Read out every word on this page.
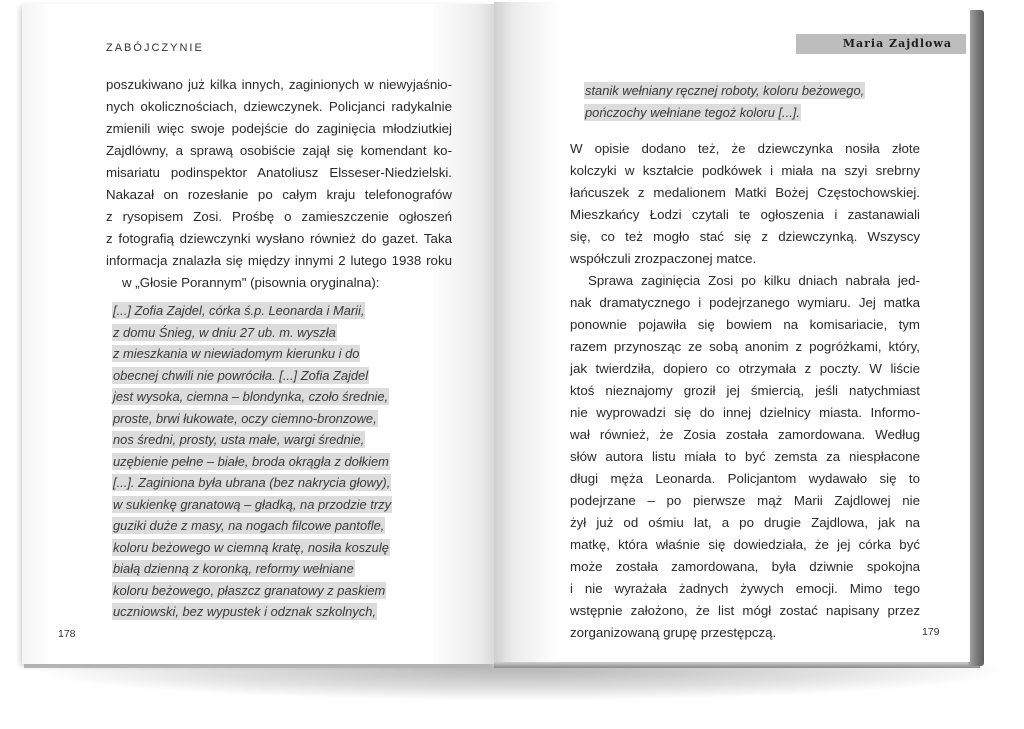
ZABÓJCZYNIE
poszukiwano już kilka innych, zaginionych w niewyjaśnio-
nych okolicznościach, dziewczynek. Policjanci radykalnie
zmienili więc swoje podejście do zaginięcia młodziutkiej
Zajdlówny, a sprawą osobiście zajął się komendant ko-
misariatu podinspektor Anatoliusz Elsseser-Niedzielski.
Nakazał on rozesłanie po całym kraju telefonografów
z rysopisem Zosi. Prośbę o zamieszczenie ogłoszeń
z fotografią dziewczynki wysłano również do gazet. Taka
informacja znalazła się między innymi 2 lutego 1938 roku
w „Głosie Porannym" (pisownia oryginalna):
[...] Zofia Zajdel, córka ś.p. Leonarda i Marii,
z domu Śnieg, w dniu 27 ub. m. wyszła
z mieszkania w niewiadomym kierunku i do
obecnej chwili nie powróciła. [...] Zofia Zajdel
jest wysoka, ciemna – blondynka, czoło średnie,
proste, brwi łukowate, oczy ciemno-bronzowe,
nos średni, prosty, usta małe, wargi średnie,
uzębienie pełne – białe, broda okrągła z dołkiem
[...]. Zaginiona była ubrana (bez nakrycia głowy),
w sukienkę granatową – gładką, na przodzie trzy
guziki duże z masy, na nogach filcowe pantofle,
koloru beżowego w ciemną kratę, nosiła koszulę
białą dzienną z koronką, reformy wełniane
koloru beżowego, płaszcz granatowy z paskiem
uczniowski, bez wypustek i odznak szkolnych,
178
Maria Zajdlowa
stanik wełniany ręcznej roboty, koloru beżowego,
pończochy wełniane tegoż koloru [...].
W opisie dodano też, że dziewczynka nosiła złote
kolczyki w kształcie podkówek i miała na szyi srebrny
łańcuszek z medalionem Matki Bożej Częstochowskiej.
Mieszkańcy Łodzi czytali te ogłoszenia i zastanawiali
się, co też mogło stać się z dziewczynką. Wszyscy
współczuli zrozpaczonej matce.
Sprawa zaginięcia Zosi po kilku dniach nabrała jed-
nak dramatycznego i podejrzanego wymiaru. Jej matka
ponownie pojawiła się bowiem na komisariacie, tym
razem przynosząc ze sobą anonim z pogróżkami, który,
jak twierdziła, dopiero co otrzymała z poczty. W liście
ktoś nieznajomy groził jej śmiercią, jeśli natychmiast
nie wyprowadzi się do innej dzielnicy miasta. Informo-
wał również, że Zosia została zamordowana. Według
słów autora listu miała to być zemsta za niespłacone
długi męża Leonarda. Policjantom wydawało się to
podejrzane – po pierwsze mąż Marii Zajdlowej nie
żył już od ośmiu lat, a po drugie Zajdlowa, jak na
matkę, która właśnie się dowiedziała, że jej córka być
może została zamordowana, była dziwnie spokojna
i nie wyrażała żadnych żywych emocji. Mimo tego
wstępnie założono, że list mógł zostać napisany przez
zorganizowaną grupę przestępczą.	179
